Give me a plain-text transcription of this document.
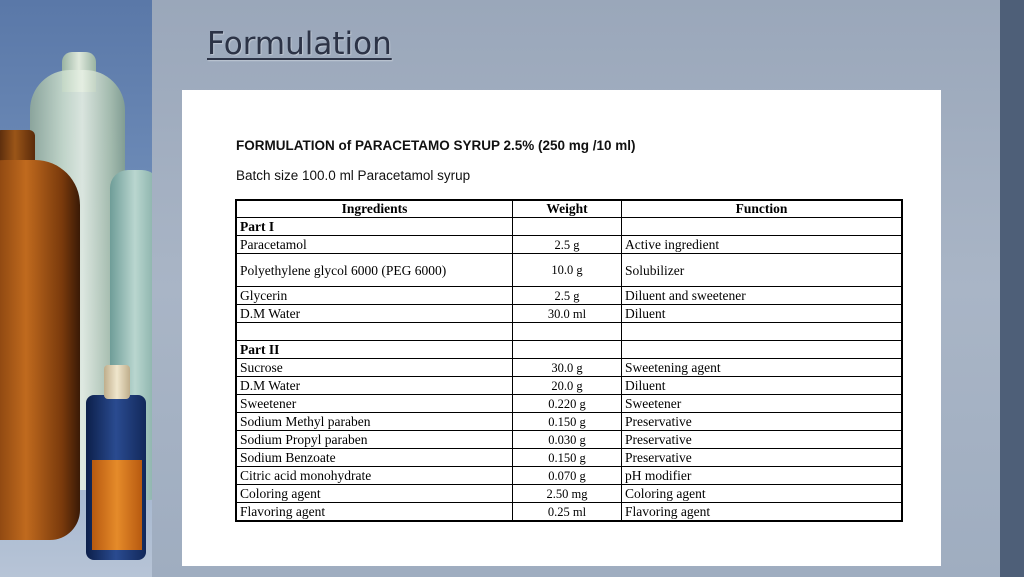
Formulation
FORMULATION of PARACETAMO SYRUP 2.5% (250 mg /10 ml)
Batch size 100.0 ml Paracetamol syrup
Ingredients	Weight	Function
Part I		
Paracetamol	2.5 g	Active ingredient
Polyethylene glycol 6000 (PEG 6000)	10.0 g	Solubilizer
Glycerin	2.5 g	Diluent and sweetener
D.M Water	30.0 ml	Diluent

Part II		
Sucrose	30.0 g	Sweetening agent
D.M Water	20.0 g	Diluent
Sweetener	0.220 g	Sweetener
Sodium Methyl paraben	0.150 g	Preservative
Sodium Propyl paraben	0.030 g	Preservative
Sodium Benzoate	0.150 g	Preservative
Citric acid monohydrate	0.070 g	pH modifier
Coloring agent	2.50 mg	Coloring agent
Flavoring agent	0.25 ml	Flavoring agent
